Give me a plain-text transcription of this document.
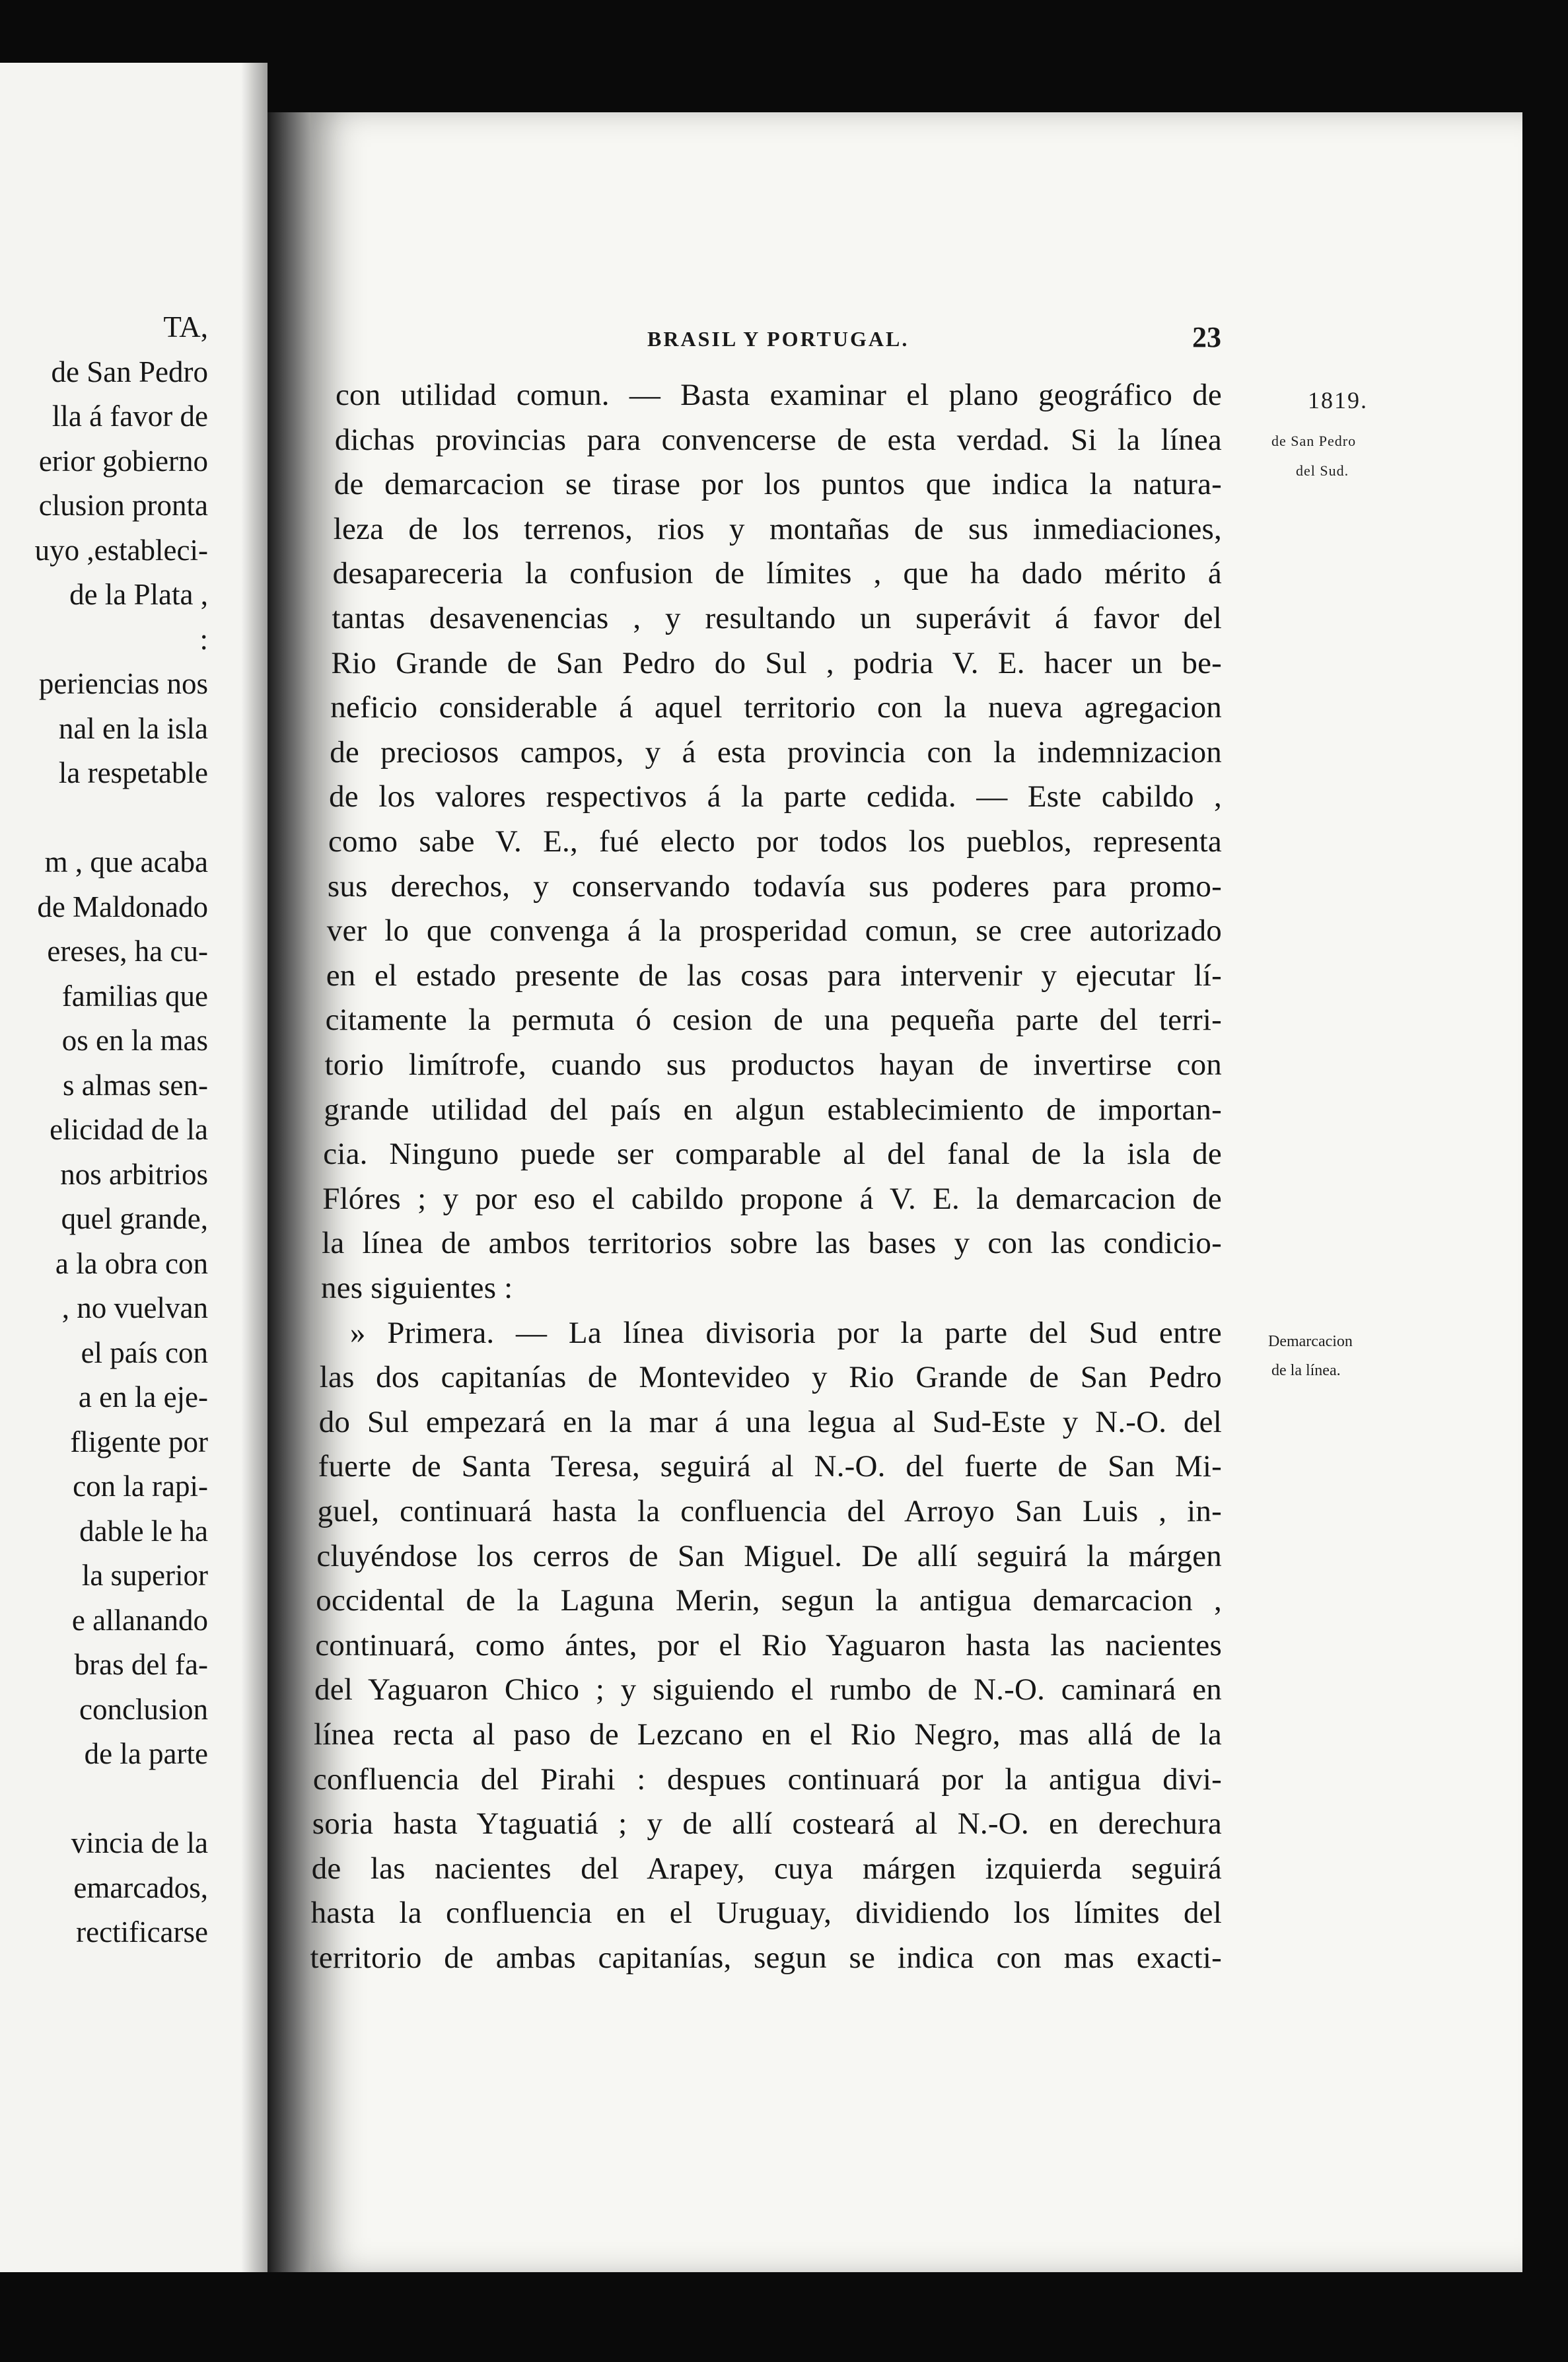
TA,
de San Pedro
lla á favor de
erior gobierno
clusion pronta
uyo ,estableci-
de la Plata ,
:
periencias nos
nal en la isla
la respetable
m , que acaba
de Maldonado
ereses, ha cu-
familias que
os en la mas
s almas sen-
elicidad de la
nos arbitrios
quel grande,
a la obra con
, no vuelvan
el país con
a en la eje-
fligente por
con la rapi-
dable le ha
la superior
e allanando
bras del fa-
conclusion
de la parte
vincia de la
emarcados,
rectificarse
BRASIL Y PORTUGAL.	23
1819.
de San Pedro
del Sud.
Demarcacion
de la línea.
con utilidad comun. — Basta examinar el plano geográfico de
dichas provincias para convencerse de esta verdad. Si la línea
de demarcacion se tirase por los puntos que indica la natura-
leza de los terrenos, rios y montañas de sus inmediaciones,
desapareceria la confusion de límites , que ha dado mérito á
tantas desavenencias , y resultando un superávit á favor del
Rio Grande de San Pedro do Sul , podria V. E. hacer un be-
neficio considerable á aquel territorio con la nueva agregacion
de preciosos campos, y á esta provincia con la indemnizacion
de los valores respectivos á la parte cedida. — Este cabildo ,
como sabe V. E., fué electo por todos los pueblos, representa
sus derechos, y conservando todavía sus poderes para promo-
ver lo que convenga á la prosperidad comun, se cree autorizado
en el estado presente de las cosas para intervenir y ejecutar lí-
citamente la permuta ó cesion de una pequeña parte del terri-
torio limítrofe, cuando sus productos hayan de invertirse con
grande utilidad del país en algun establecimiento de importan-
cia. Ninguno puede ser comparable al del fanal de la isla de
Flóres ; y por eso el cabildo propone á V. E. la demarcacion de
la línea de ambos territorios sobre las bases y con las condicio-
nes siguientes :
» Primera. — La línea divisoria por la parte del Sud entre
las dos capitanías de Montevideo y Rio Grande de San Pedro
do Sul empezará en la mar á una legua al Sud-Este y N.-O. del
fuerte de Santa Teresa, seguirá al N.-O. del fuerte de San Mi-
guel, continuará hasta la confluencia del Arroyo San Luis , in-
cluyéndose los cerros de San Miguel. De allí seguirá la márgen
occidental de la Laguna Merin, segun la antigua demarcacion ,
continuará, como ántes, por el Rio Yaguaron hasta las nacientes
del Yaguaron Chico ; y siguiendo el rumbo de N.-O. caminará en
línea recta al paso de Lezcano en el Rio Negro, mas allá de la
confluencia del Pirahi : despues continuará por la antigua divi-
soria hasta Ytaguatiá ; y de allí costeará al N.-O. en derechura
de las nacientes del Arapey, cuya márgen izquierda seguirá
hasta la confluencia en el Uruguay, dividiendo los límites del
territorio de ambas capitanías, segun se indica con mas exacti-
